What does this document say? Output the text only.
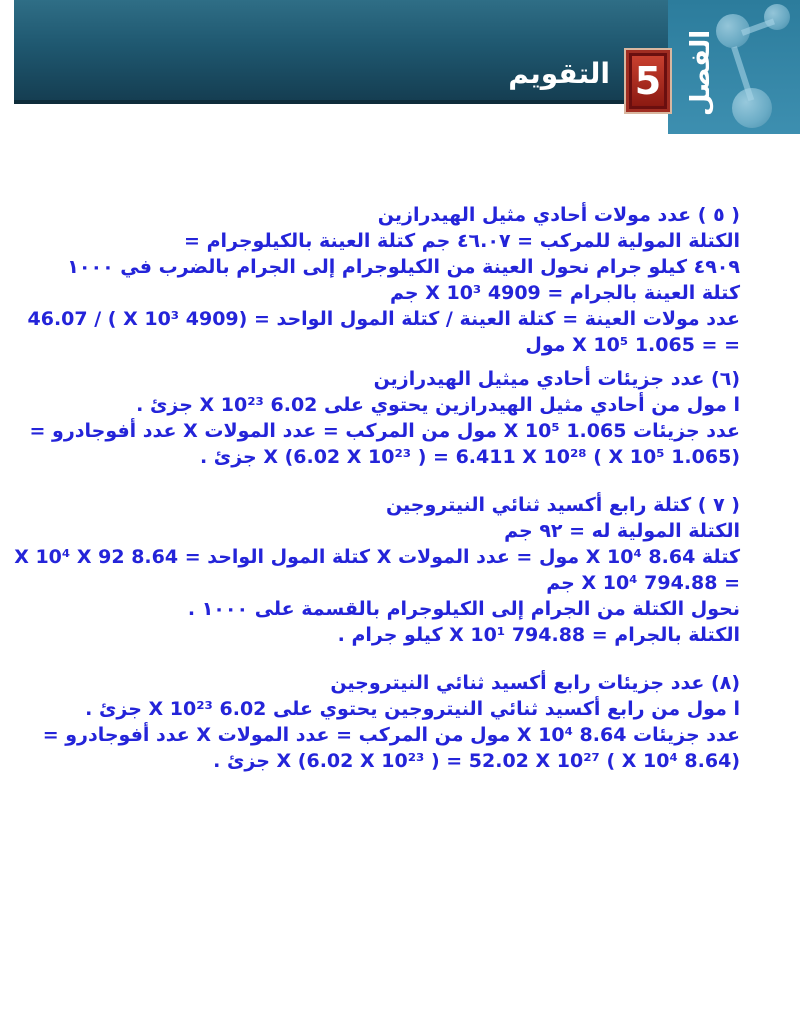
الفصل
5
التقويم
( ٥ ) عدد مولات أحادي مثيل الهيدرازين
الكتلة المولية للمركب = ٤٦.٠٧ جم كتلة العينة بالكيلوجرام =
٤٩٠٩ كيلو جرام نحول العينة من الكيلوجرام إلى الجرام بالضرب في ١٠٠٠
كتلة العينة بالجرام = 4909 X 10³ جم
عدد مولات العينة = كتلة العينة / كتلة المول الواحد = (4909 X 10³ ) / 46.07
= = 1.065 X 10⁵ مول
(٦) عدد جزيئات أحادي ميثيل الهيدرازين
ا مول من أحادي مثيل الهيدرازين يحتوي على 6.02 X 10²³ جزئ .
عدد جزيئات 1.065 X 10⁵ مول من المركب = عدد المولات X عدد أفوجادرو =
(1.065 X 10⁵ ) X (6.02 X 10²³ ) = 6.411 X 10²⁸ جزئ .
( ٧ ) كتلة رابع أكسيد ثنائي النيتروجين
الكتلة المولية له = ٩٢ جم
كتلة 8.64 X 10⁴ مول = عدد المولات X كتلة المول الواحد = 8.64 X 10⁴ X 92
= 794.88 X 10⁴ جم
نحول الكتلة من الجرام إلى الكيلوجرام بالقسمة على ١٠٠٠ .
الكتلة بالجرام = 794.88 X 10¹ كيلو جرام .
(٨) عدد جزيئات رابع أكسيد ثنائي النيتروجين
ا مول من رابع أكسيد ثنائي النيتروجين يحتوي على 6.02 X 10²³ جزئ .
عدد جزيئات 8.64 X 10⁴ مول من المركب = عدد المولات X عدد أفوجادرو =
(8.64 X 10⁴ ) X (6.02 X 10²³ ) = 52.02 X 10²⁷ جزئ .
